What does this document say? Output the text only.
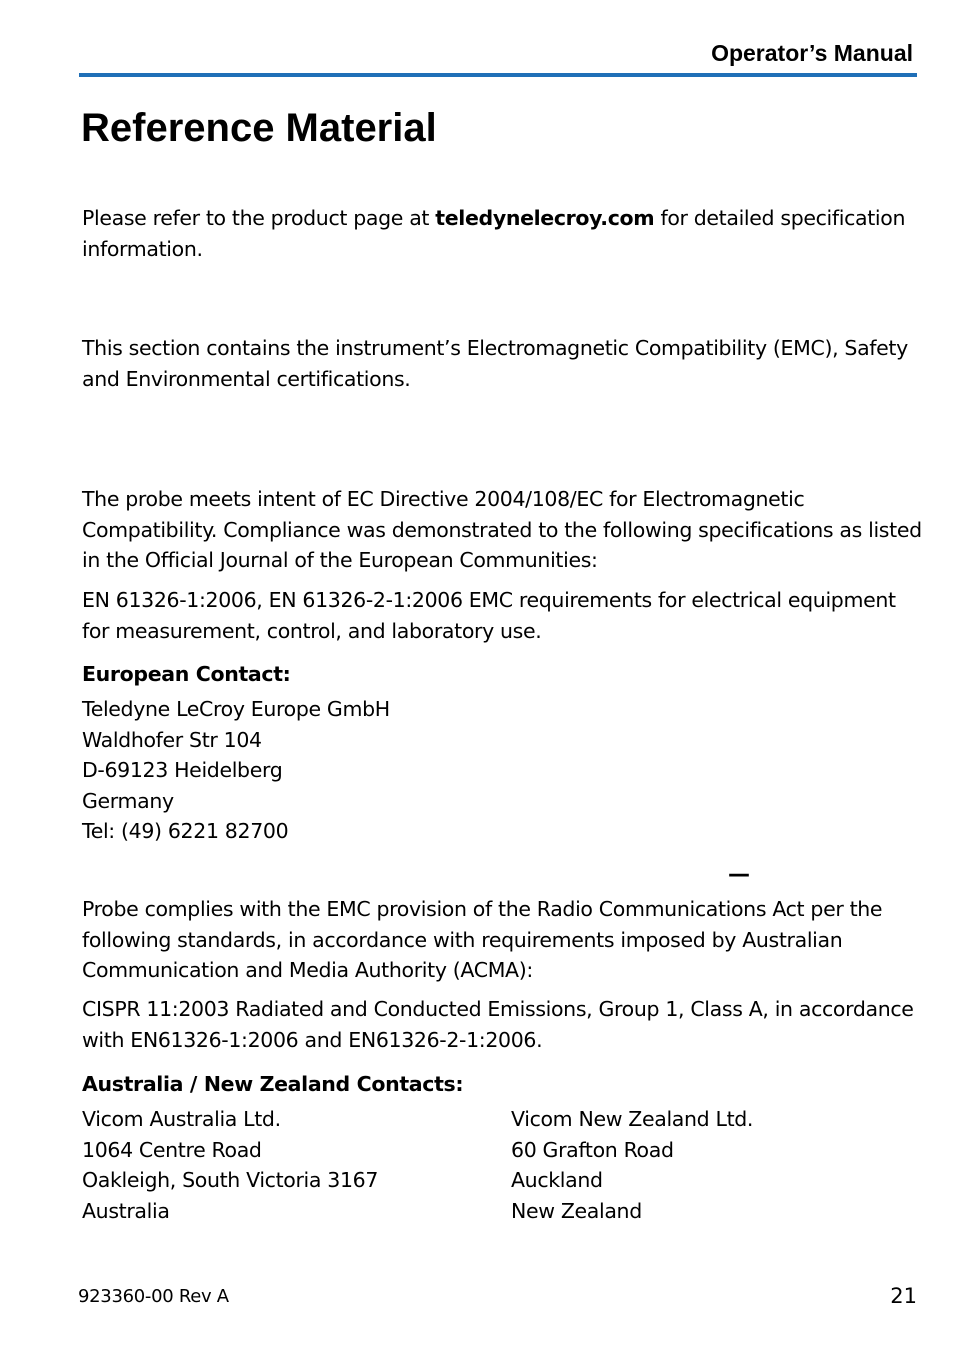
Operator’s Manual
Reference Material
Please refer to the product page at teledynelecroy.com for detailed specification information.
This section contains the instrument’s Electromagnetic Compatibility (EMC), Safety and Environmental certifications.
The probe meets intent of EC Directive 2004/108/EC for Electromagnetic Compatibility. Compliance was demonstrated to the following specifications as listed in the Official Journal of the European Communities:
EN 61326-1:2006, EN 61326-2-1:2006 EMC requirements for electrical equipment for measurement, control, and laboratory use.
European Contact:
Teledyne LeCroy Europe GmbH
Waldhofer Str 104
D-69123 Heidelberg
Germany
Tel: (49) 6221 82700
—
Probe complies with the EMC provision of the Radio Communications Act per the following standards, in accordance with requirements imposed by Australian Communication and Media Authority (ACMA):
CISPR 11:2003 Radiated and Conducted Emissions, Group 1, Class A, in accordance with EN61326-1:2006 and EN61326-2-1:2006.
Australia / New Zealand Contacts:
Vicom Australia Ltd.
1064 Centre Road
Oakleigh, South Victoria 3167
Australia
Vicom New Zealand Ltd.
60 Grafton Road
Auckland
New Zealand
923360-00 Rev A	21
